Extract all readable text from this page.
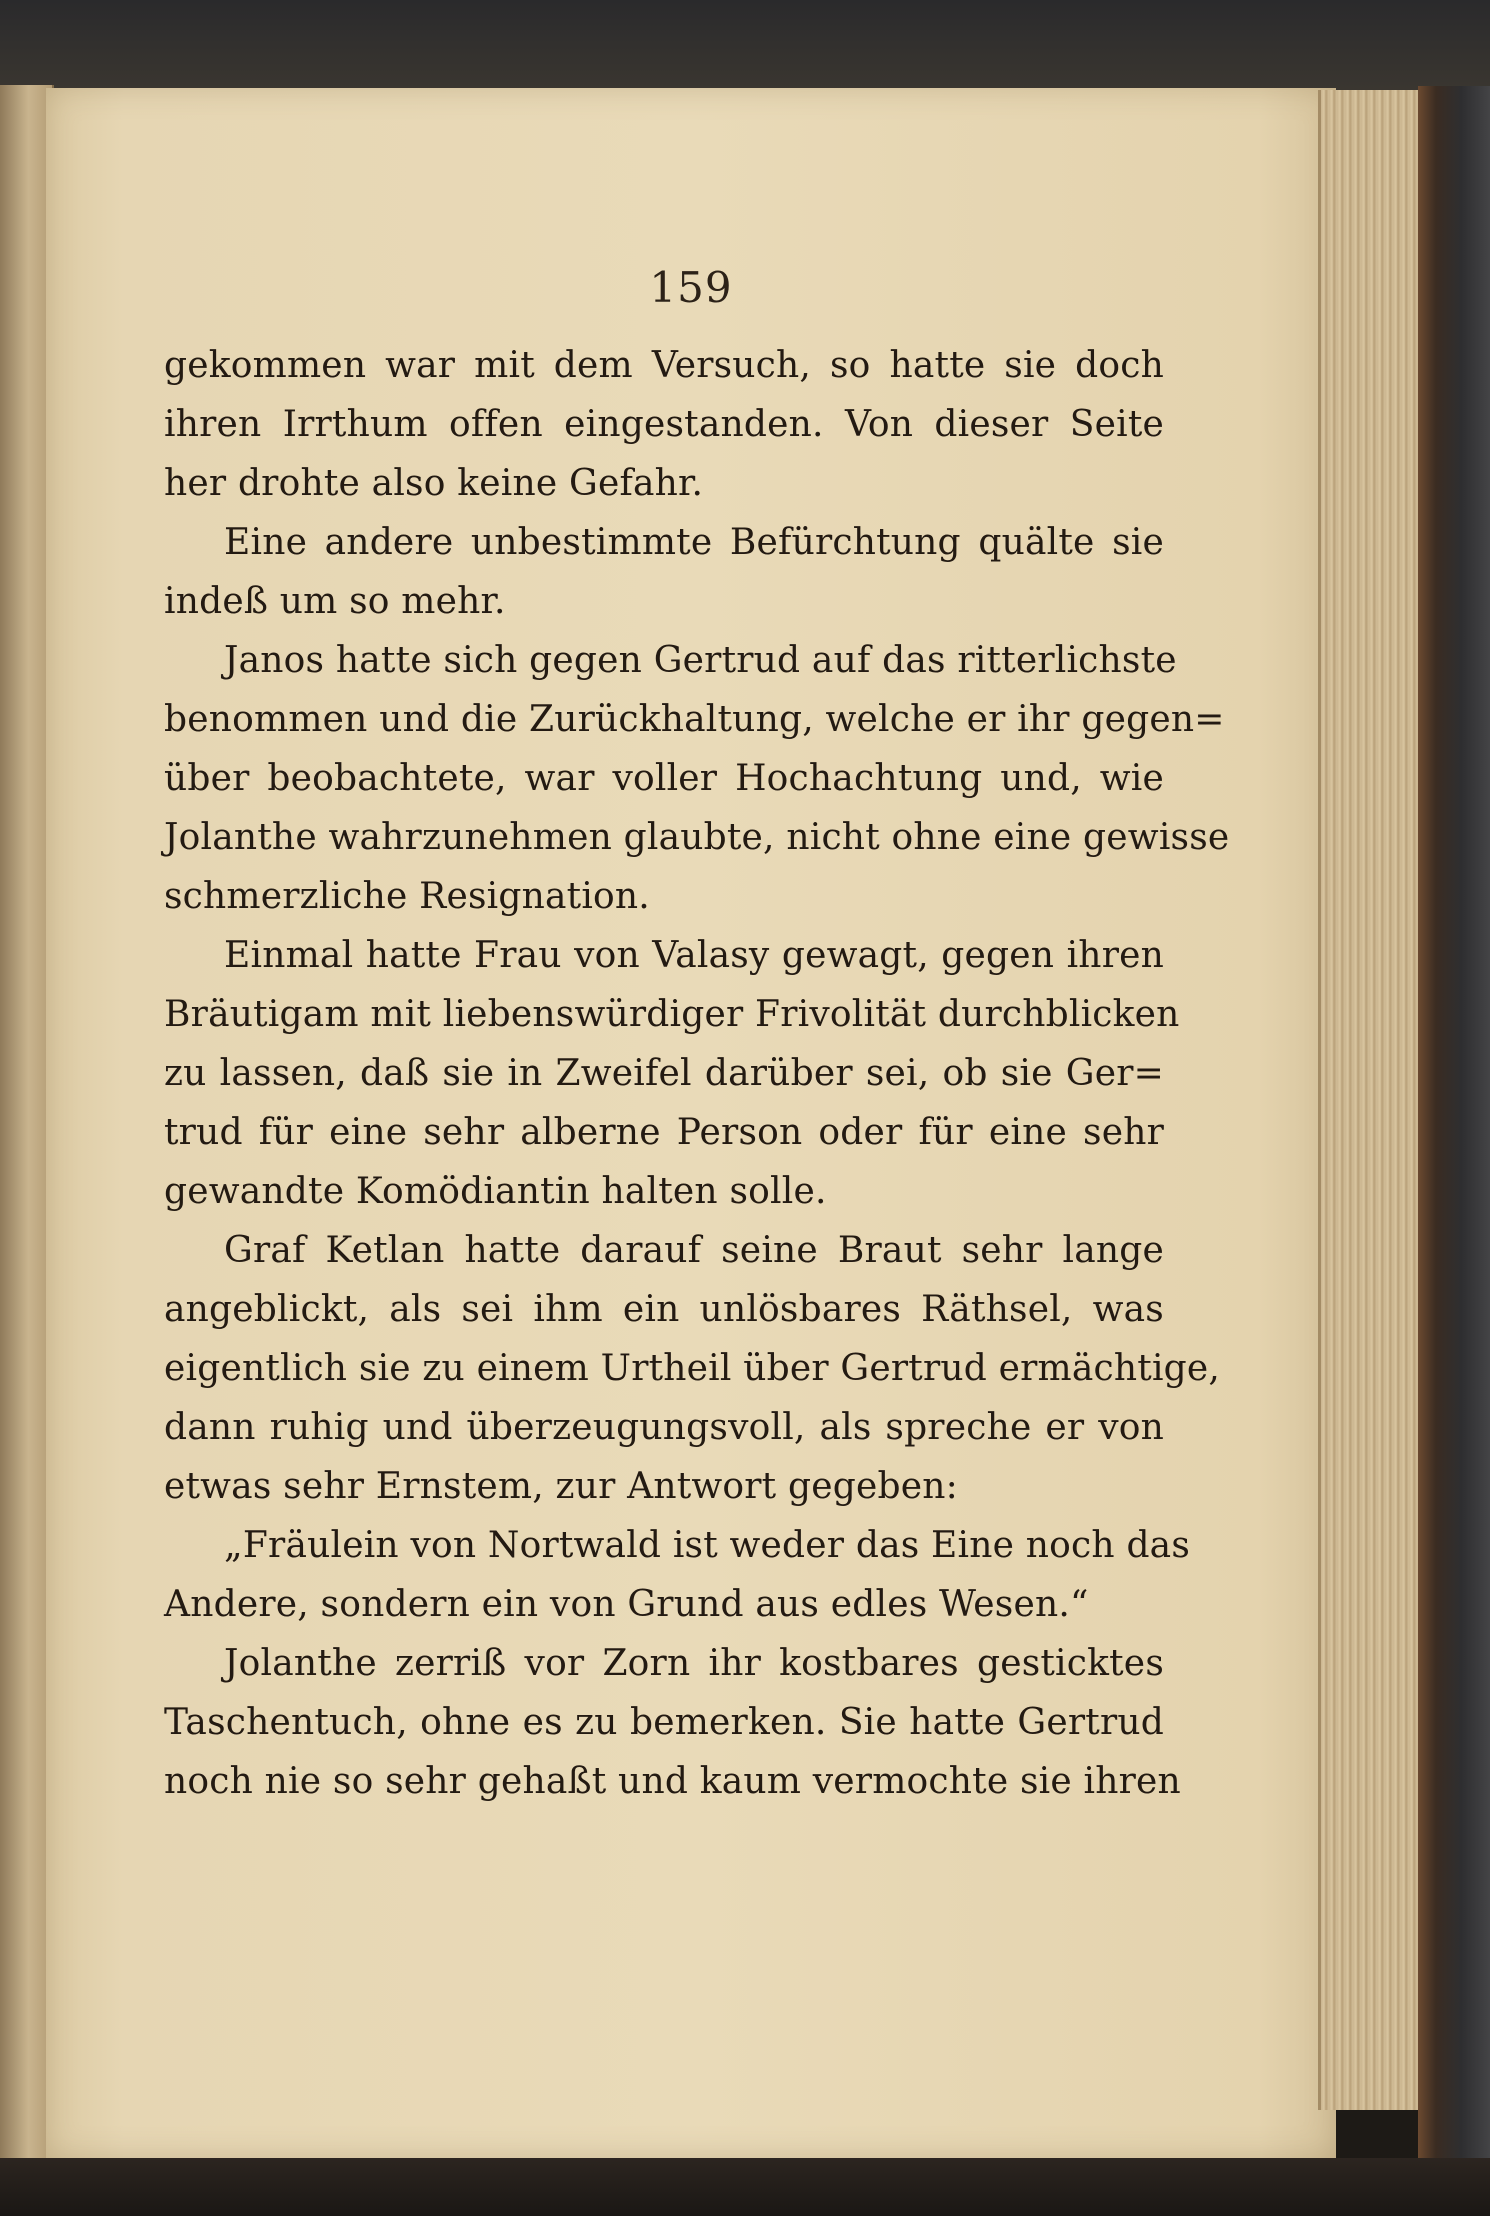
159
gekommen war mit dem Versuch, so hatte sie doch
ihren Irrthum offen eingestanden. Von dieser Seite
her drohte also keine Gefahr.
Eine andere unbestimmte Befürchtung quälte sie
indeß um so mehr.
Janos hatte sich gegen Gertrud auf das ritterlichste
benommen und die Zurückhaltung, welche er ihr gegen=
über beobachtete, war voller Hochachtung und, wie
Jolanthe wahrzunehmen glaubte, nicht ohne eine gewisse
schmerzliche Resignation.
Einmal hatte Frau von Valasy gewagt, gegen ihren
Bräutigam mit liebenswürdiger Frivolität durchblicken
zu lassen, daß sie in Zweifel darüber sei, ob sie Ger=
trud für eine sehr alberne Person oder für eine sehr
gewandte Komödiantin halten solle.
Graf Ketlan hatte darauf seine Braut sehr lange
angeblickt, als sei ihm ein unlösbares Räthsel, was
eigentlich sie zu einem Urtheil über Gertrud ermächtige,
dann ruhig und überzeugungsvoll, als spreche er von
etwas sehr Ernstem, zur Antwort gegeben:
„Fräulein von Nortwald ist weder das Eine noch das
Andere, sondern ein von Grund aus edles Wesen.“
Jolanthe zerriß vor Zorn ihr kostbares gesticktes
Taschentuch, ohne es zu bemerken. Sie hatte Gertrud
noch nie so sehr gehaßt und kaum vermochte sie ihren
